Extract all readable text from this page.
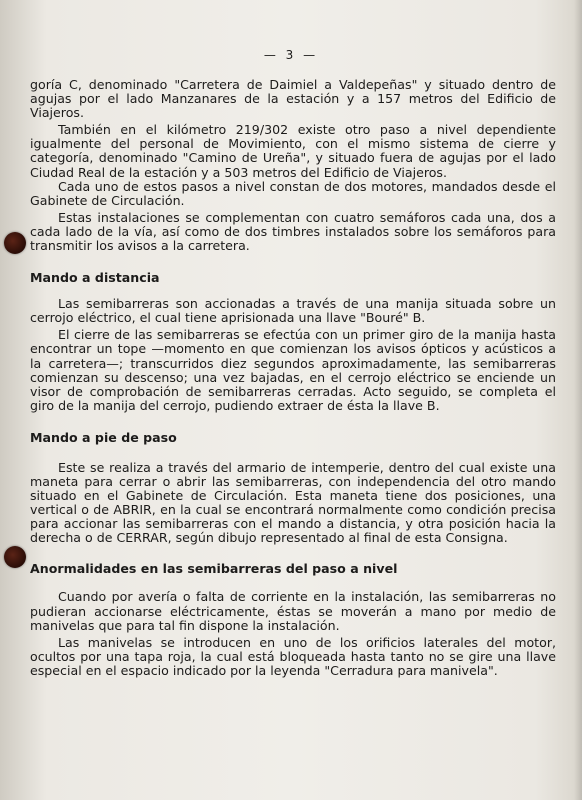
— 3 —

goría C, denominado "Carretera de Daimiel a Valdepeñas" y situado dentro de agujas por el lado Manzanares de la estación y a 157 metros del Edificio de Viajeros.

También en el kilómetro 219/302 existe otro paso a nivel dependiente igualmente del personal de Movimiento, con el mismo sistema de cierre y categoría, denominado "Camino de Ureña", y situado fuera de agujas por el lado Ciudad Real de la estación y a 503 metros del Edificio de Viajeros.

Cada uno de estos pasos a nivel constan de dos motores, mandados desde el Gabinete de Circulación.

Estas instalaciones se complementan con cuatro semáforos cada una, dos a cada lado de la vía, así como de dos timbres instalados sobre los semáforos para transmitir los avisos a la carretera.

Mando a distancia

Las semibarreras son accionadas a través de una manija situada sobre un cerrojo eléctrico, el cual tiene aprisionada una llave "Bouré" B.

El cierre de las semibarreras se efectúa con un primer giro de la manija hasta encontrar un tope —momento en que comienzan los avisos ópticos y acústicos a la carretera—; transcurridos diez segundos aproximadamente, las semibarreras comienzan su descenso; una vez bajadas, en el cerrojo eléctrico se enciende un visor de comprobación de semibarreras cerradas. Acto seguido, se completa el giro de la manija del cerrojo, pudiendo extraer de ésta la llave B.

Mando a pie de paso

Este se realiza a través del armario de intemperie, dentro del cual existe una maneta para cerrar o abrir las semibarreras, con independencia del otro mando situado en el Gabinete de Circulación. Esta maneta tiene dos posiciones, una vertical o de ABRIR, en la cual se encontrará normalmente como condición precisa para accionar las semibarreras con el mando a distancia, y otra posición hacia la derecha o de CERRAR, según dibujo representado al final de esta Consigna.

Anormalidades en las semibarreras del paso a nivel

Cuando por avería o falta de corriente en la instalación, las semibarreras no pudieran accionarse eléctricamente, éstas se moverán a mano por medio de manivelas que para tal fin dispone la instalación.

Las manivelas se introducen en uno de los orificios laterales del motor, ocultos por una tapa roja, la cual está bloqueada hasta tanto no se gire una llave especial en el espacio indicado por la leyenda "Cerradura para manivela".
